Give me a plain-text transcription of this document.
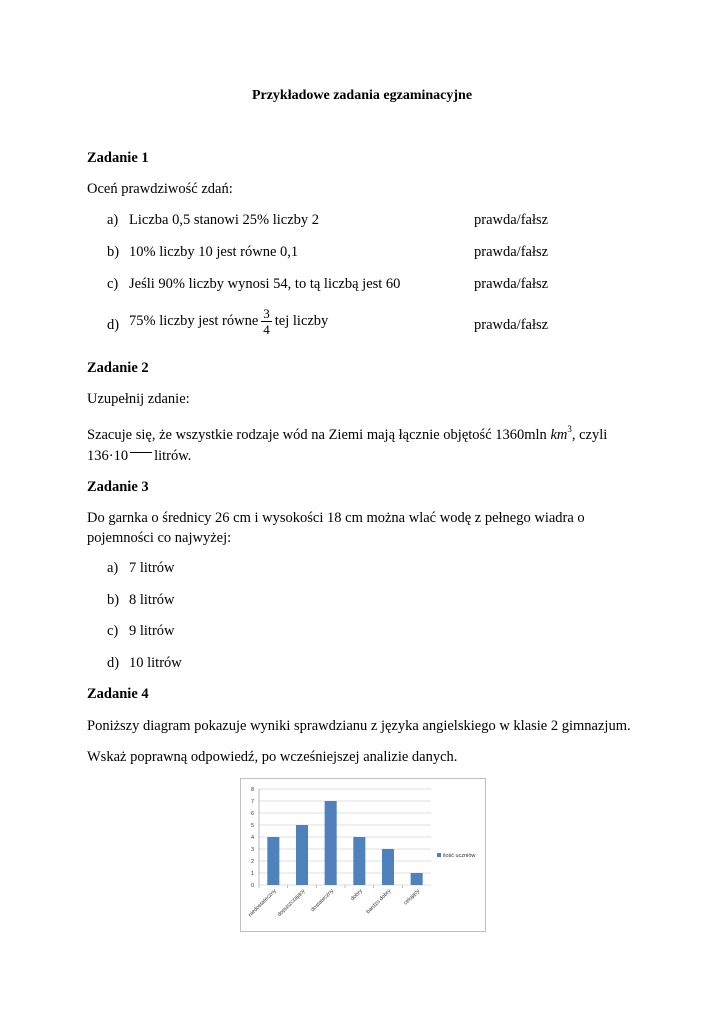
Przykładowe zadania egzaminacyjne
Zadanie 1
Oceń prawdziwość zdań:
a) Liczba 0,5 stanowi 25% liczby 2	prawda/fałsz
b) 10% liczby 10 jest równe 0,1	prawda/fałsz
c) Jeśli 90% liczby wynosi 54, to tą liczbą jest 60	prawda/fałsz
d) 75% liczby jest równe $\frac{3}{4}$ tej liczby	prawda/fałsz
Zadanie 2
Uzupełnij zdanie:
Szacuje się, że wszystkie rodzaje wód na Ziemi mają łącznie objętość 1360mln $km^3$, czyli
136·10 litrów.
Zadanie 3
Do garnka o średnicy 26 cm i wysokości 18 cm można wlać wodę z pełnego wiadra o
pojemności co najwyżej:
a) 7 litrów
b) 8 litrów
c) 9 litrów
d) 10 litrów
Zadanie 4
Poniższy diagram pokazuje wyniki sprawdzianu z języka angielskiego w klasie 2 gimnazjum.
Wskaż poprawną odpowiedź, po wcześniejszej analizie danych.
0
1
2
3
4
5
6
7
8
niedostateczny
dopuszczający dostateczny	dobry bardzo dobry celujący
ilość uczniów
